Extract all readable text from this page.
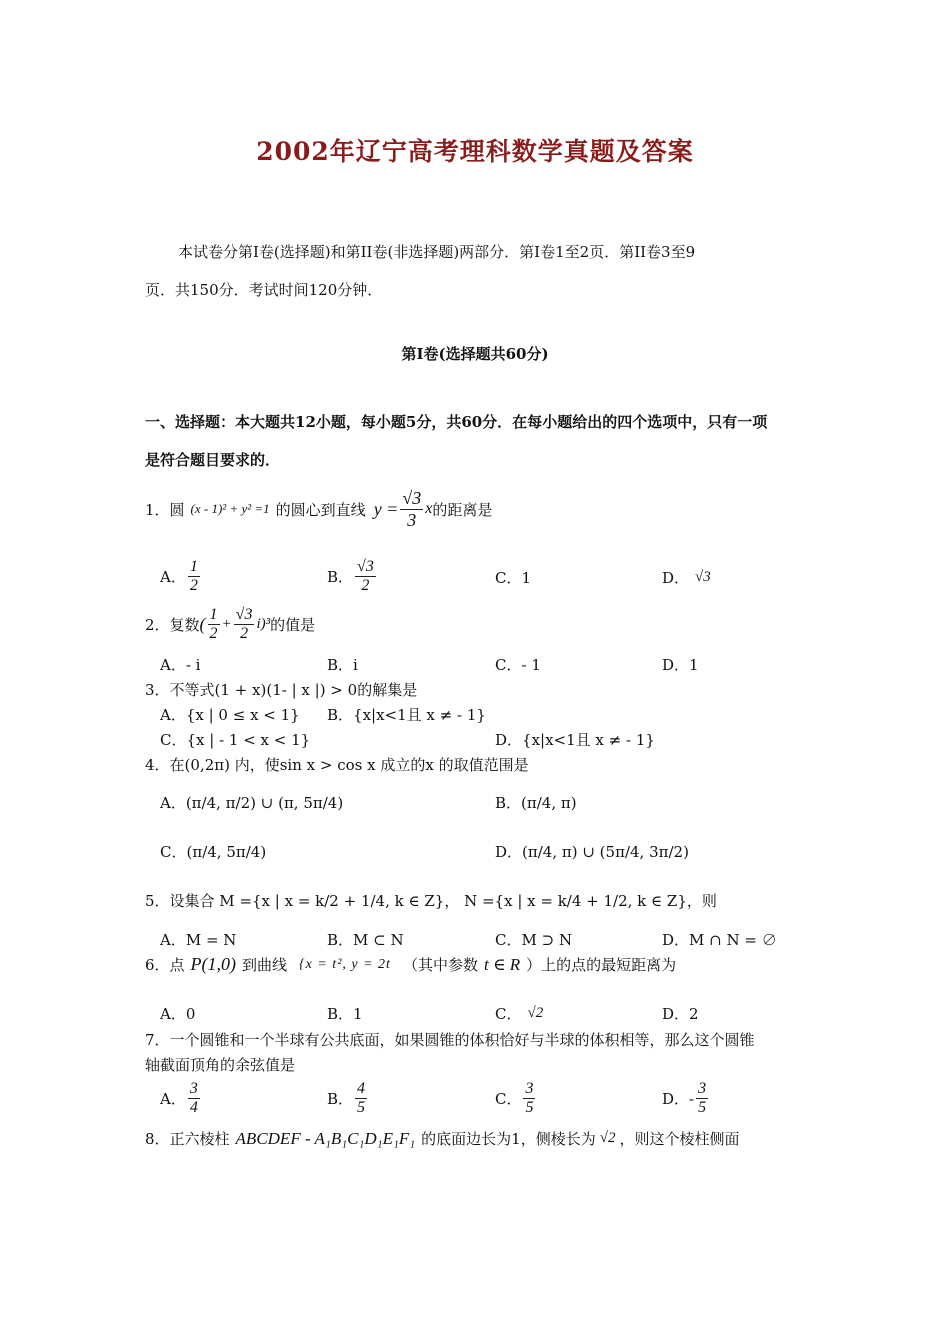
2002年辽宁高考理科数学真题及答案
本试卷分第Ⅰ卷(选择题)和第II卷(非选择题)两部分．第Ⅰ卷1至2页．第II卷3至9
页．共150分．考试时间120分钟．
第Ⅰ卷(选择题共60分)
一、选择题：本大题共12小题，每小题5分，共60分．在每小题给出的四个选项中，只有一项
是符合题目要求的．
1．圆 (x - 1)² + y² =1 的圆心到直线 $y = \frac{√3}{3}$ x 的距离是
A． $\frac{1}{2}$	B． $\frac{√3}{2}$	C．1	D． √3
2．复数 ( $\frac{1}{2} + \frac{√3}{2} i)^3$ 的值是
A．- i	B．i	C．- 1	D．1
3．不等式(1 + x)(1- | x |) > 0的解集是
A．{x | 0 ≤ x < 1} B．{x|x<1且 x ≠ - 1}
C．{x | - 1 < x < 1}	D．{x|x<1且 x ≠ - 1}
4．在(0,2π) 内，使sin x > cos x 成立的x 的取值范围是
A．(π/4, π/2) ∪ (π, 5π/4)	B．(π/4, π)
C．(π/4, 5π/4)	D．(π/4, π) ∪ (5π/4, 3π/2)
5．设集合 M ={x | x = k/2 + 1/4, k ∈ Z}， N ={x | x = k/4 + 1/2, k ∈ Z}，则
A．M = N	B．M ⊂ N	C．M ⊃ N	D．M ∩ N = ∅
6．点 P(1,0) 到曲线 {x = t², y = 2t （其中参数 t ∈ R ）上的点的最短距离为
A．0	B．1	C． √2	D．2
7．一个圆锥和一个半球有公共底面，如果圆锥的体积恰好与半球的体积相等，那么这个圆锥
轴截面顶角的余弦值是
A． $\frac{3}{4}$	B． $\frac{4}{5}$	C． $\frac{3}{5}$	D．- $\frac{3}{5}$
8．正六棱柱 ABCDEF - A₁B₁C₁D₁E₁F₁ 的底面边长为1，侧棱长为 √2 ，则这个棱柱侧面
